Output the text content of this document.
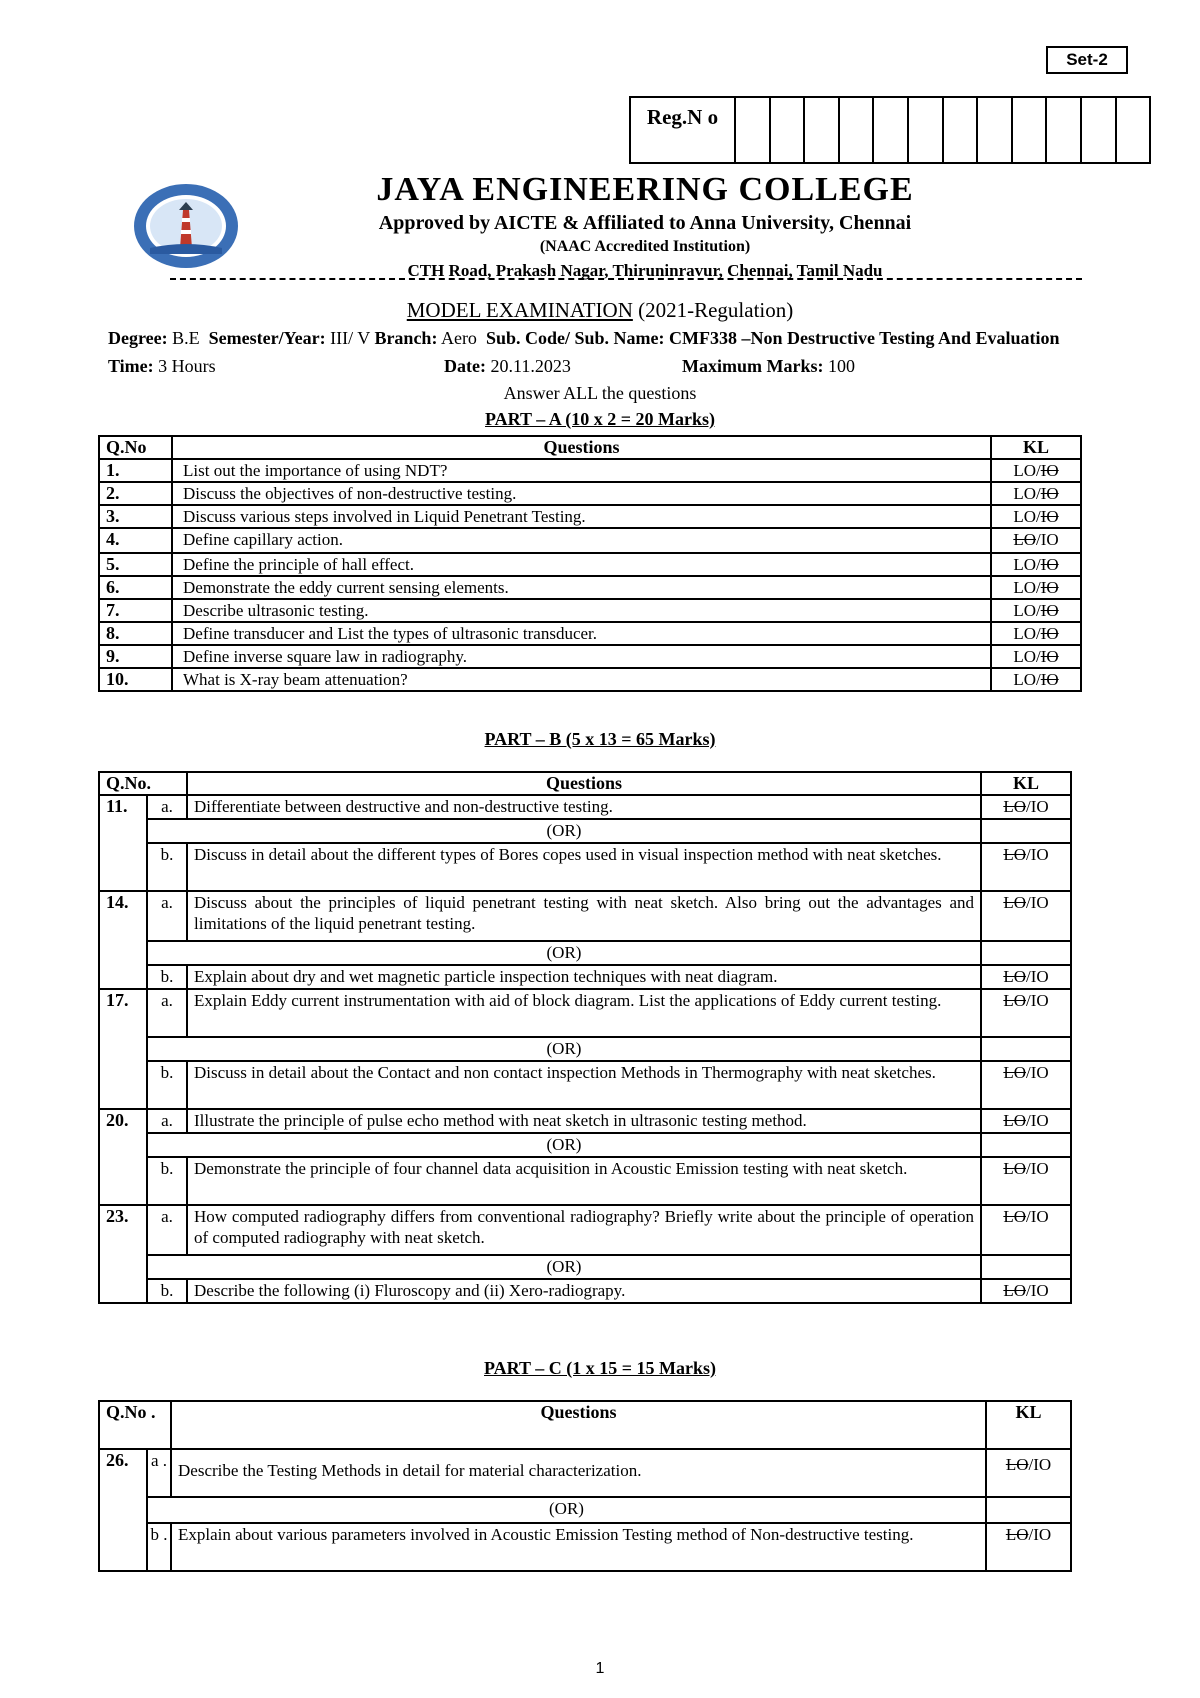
Set-2
Reg.N o												
JAYA ENGINEERING COLLEGE
Approved by AICTE & Affiliated to Anna University, Chennai
(NAAC Accredited Institution)
CTH Road, Prakash Nagar, Thiruninravur, Chennai, Tamil Nadu
MODEL EXAMINATION (2021-Regulation)
Degree: B.E Semester/Year: III/ V Branch: Aero Sub. Code/ Sub. Name: CMF338 –Non Destructive Testing And Evaluation
Time: 3 Hours	Date: 20.11.2023	Maximum Marks: 100
Answer ALL the questions
PART – A (10 x 2 = 20 Marks)
Q.No	Questions	KL
1.	List out the importance of using NDT?	LO/IO
2.	Discuss the objectives of non-destructive testing.	LO/IO
3.	Discuss various steps involved in Liquid Penetrant Testing.	LO/IO
4.	Define capillary action.	LO/IO
5.	Define the principle of hall effect.	LO/IO
6.	Demonstrate the eddy current sensing elements.	LO/IO
7.	Describe ultrasonic testing.	LO/IO
8.	Define transducer and List the types of ultrasonic transducer.	LO/IO
9.	Define inverse square law in radiography.	LO/IO
10.	What is X-ray beam attenuation?	LO/IO
PART – B (5 x 13 = 65 Marks)
Q.No.		Questions	KL
11.	a.	Differentiate between destructive and non-destructive testing.	LO/IO
	(OR)		
	b.	Discuss in detail about the different types of Bores copes used in visual inspection method with neat sketches.	LO/IO
14.	a.	Discuss about the principles of liquid penetrant testing with neat sketch. Also bring out the advantages and limitations of the liquid penetrant testing.	LO/IO
	(OR)		
	b.	Explain about dry and wet magnetic particle inspection techniques with neat diagram.	LO/IO
17.	a.	Explain Eddy current instrumentation with aid of block diagram. List the applications of Eddy current testing.	LO/IO
	(OR)		
	b.	Discuss in detail about the Contact and non contact inspection Methods in Thermography with neat sketches.	LO/IO
20.	a.	Illustrate the principle of pulse echo method with neat sketch in ultrasonic testing method.	LO/IO
	(OR)		
	b.	Demonstrate the principle of four channel data acquisition in Acoustic Emission testing with neat sketch.	LO/IO
23.	a.	How computed radiography differs from conventional radiography? Briefly write about the principle of operation of computed radiography with neat sketch.	LO/IO
	(OR)		
	b.	Describe the following (i) Fluroscopy and (ii) Xero-radiograpy.	LO/IO
PART – C (1 x 15 = 15 Marks)
Q.No .		Questions	KL
26.	a .	Describe the Testing Methods in detail for material characterization.	LO/IO
	(OR)		
	b .	Explain about various parameters involved in Acoustic Emission Testing method of Non-destructive testing.	LO/IO
1
